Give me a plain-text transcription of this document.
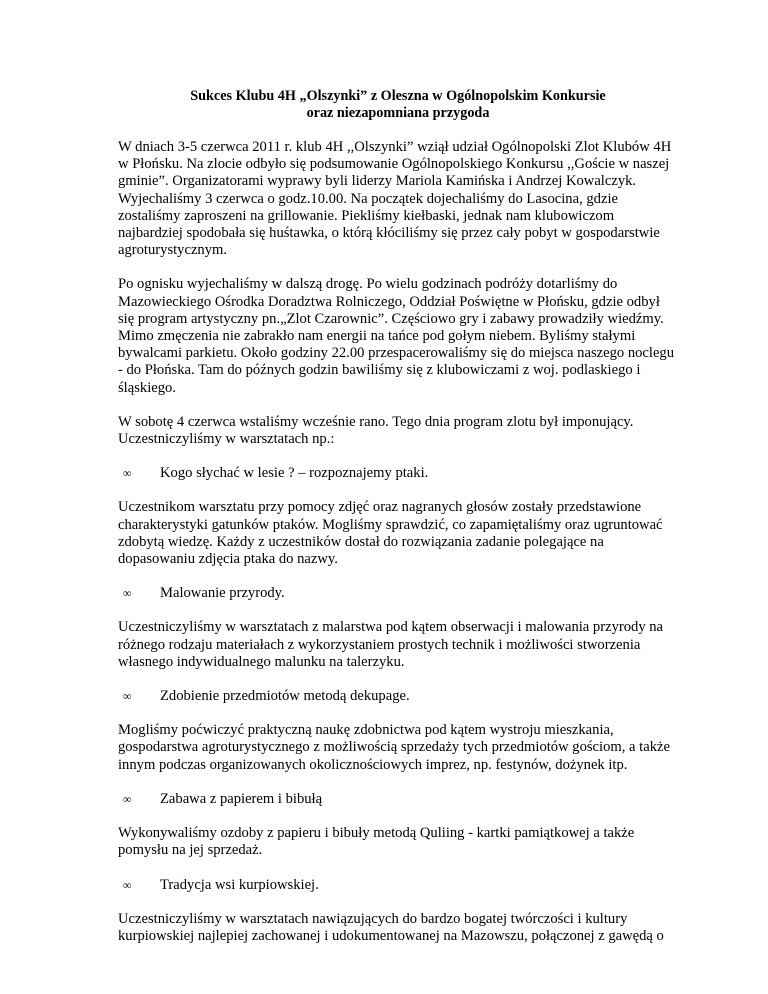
Sukces Klubu 4H „Olszynki” z Oleszna w Ogólnopolskim Konkursie
oraz niezapomniana przygoda

W dniach 3-5 czerwca 2011 r. klub 4H ,,Olszynki” wziął udział Ogólnopolski Zlot Klubów 4H w Płońsku. Na zlocie odbyło się podsumowanie Ogólnopolskiego Konkursu ,,Goście w naszej gminie”. Organizatorami wyprawy byli liderzy Mariola Kamińska i Andrzej Kowalczyk. Wyjechaliśmy 3 czerwca o godz.10.00. Na początek dojechaliśmy do Lasocina, gdzie zostaliśmy zaproszeni na grillowanie. Piekliśmy kiełbaski, jednak nam klubowiczom najbardziej spodobała się huśtawka, o którą kłóciliśmy się przez cały pobyt w gospodarstwie agroturystycznym.

Po ognisku wyjechaliśmy w dalszą drogę. Po wielu godzinach podróży dotarliśmy do Mazowieckiego Ośrodka Doradztwa Rolniczego, Oddział Poświętne w Płońsku, gdzie odbył się program artystyczny pn.„Zlot Czarownic”. Częściowo gry i zabawy prowadziły wiedźmy. Mimo zmęczenia nie zabrakło nam energii na tańce pod gołym niebem. Byliśmy stałymi bywalcami parkietu. Około godziny 22.00 przespacerowaliśmy się do miejsca naszego noclegu - do Płońska. Tam do późnych godzin bawiliśmy się z klubowiczami z woj. podlaskiego i śląskiego.

W sobotę 4 czerwca wstaliśmy wcześnie rano. Tego dnia program zlotu był imponujący. Uczestniczyliśmy w warsztatach np.:

∞ Kogo słychać w lesie ? – rozpoznajemy ptaki.

Uczestnikom warsztatu przy pomocy zdjęć oraz nagranych głosów zostały przedstawione charakterystyki gatunków ptaków. Mogliśmy sprawdzić, co zapamiętaliśmy oraz ugruntować zdobytą wiedzę. Każdy z uczestników dostał do rozwiązania zadanie polegające na dopasowaniu zdjęcia ptaka do nazwy.

∞ Malowanie przyrody.

Uczestniczyliśmy w warsztatach z malarstwa pod kątem obserwacji i malowania przyrody na różnego rodzaju materiałach z wykorzystaniem prostych technik i możliwości stworzenia własnego indywidualnego malunku na talerzyku.

∞ Zdobienie przedmiotów metodą dekupage.

Mogliśmy poćwiczyć praktyczną naukę zdobnictwa pod kątem wystroju mieszkania, gospodarstwa agroturystycznego z możliwością sprzedaży tych przedmiotów gościom, a także innym podczas organizowanych okolicznościowych imprez, np. festynów, dożynek itp.

∞ Zabawa z papierem i bibułą

Wykonywaliśmy ozdoby z papieru i bibuły metodą Quliing - kartki pamiątkowej a także pomysłu na jej sprzedaż.

∞ Tradycja wsi kurpiowskiej.

Uczestniczyliśmy w warsztatach nawiązujących do bardzo bogatej twórczości i kultury kurpiowskiej najlepiej zachowanej i udokumentowanej na Mazowszu, połączonej z gawędą o
